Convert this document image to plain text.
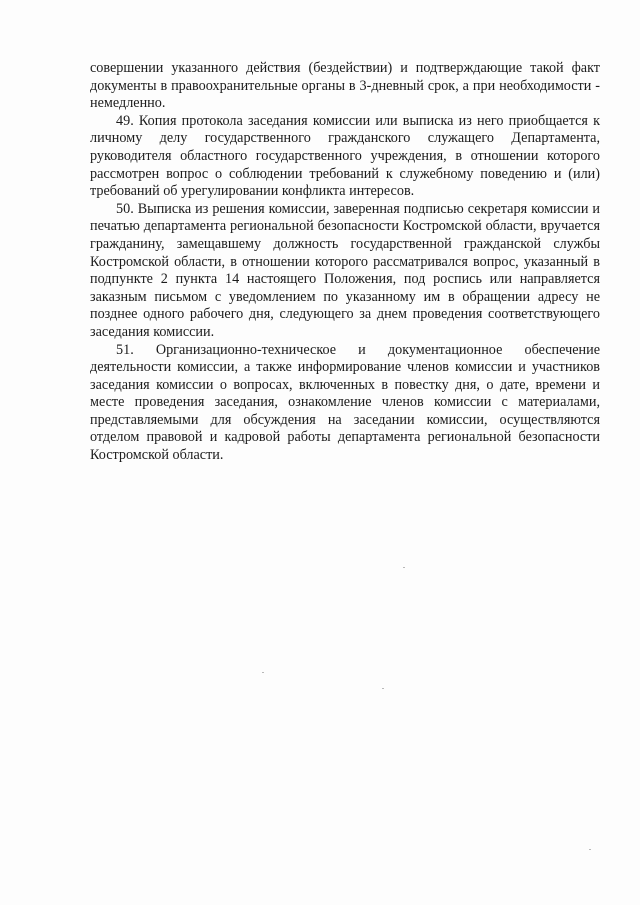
совершении указанного действия (бездействии) и подтверждающие такой факт документы в правоохранительные органы в 3-дневный срок, а при необходимости - немедленно.

49. Копия протокола заседания комиссии или выписка из него приобщается к личному делу государственного гражданского служащего Департамента, руководителя областного государственного учреждения, в отношении которого рассмотрен вопрос о соблюдении требований к служебному поведению и (или) требований об урегулировании конфликта интересов.

50. Выписка из решения комиссии, заверенная подписью секретаря комиссии и печатью департамента региональной безопасности Костромской области, вручается гражданину, замещавшему должность государственной гражданской службы Костромской области, в отношении которого рассматривался вопрос, указанный в подпункте 2 пункта 14 настоящего Положения, под роспись или направляется заказным письмом с уведомлением по указанному им в обращении адресу не позднее одного рабочего дня, следующего за днем проведения соответствующего заседания комиссии.

51. Организационно-техническое и документационное обеспечение деятельности комиссии, а также информирование членов комиссии и участников заседания комиссии о вопросах, включенных в повестку дня, о дате, времени и месте проведения заседания, ознакомление членов комиссии с материалами, представляемыми для обсуждения на заседании комиссии, осуществляются отделом правовой и кадровой работы департамента региональной безопасности Костромской области.
